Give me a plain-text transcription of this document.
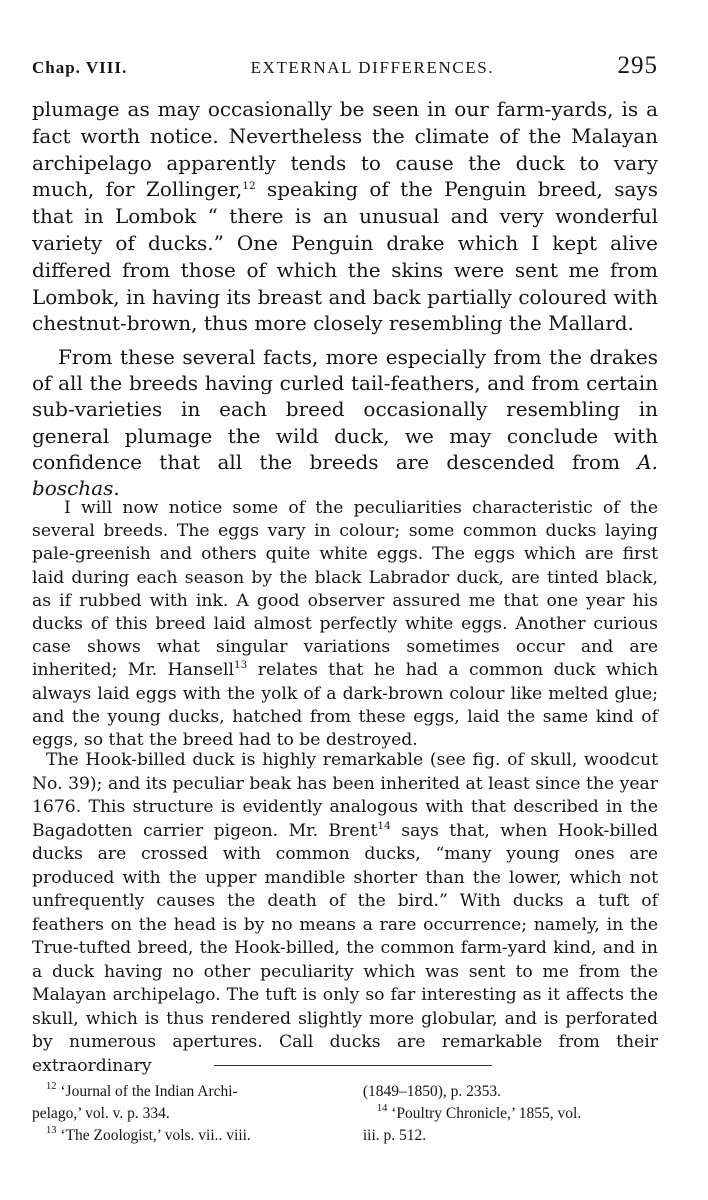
Chap. VIII.	EXTERNAL DIFFERENCES.	295

plumage as may occasionally be seen in our farm-yards, is a fact worth notice. Nevertheless the climate of the Malayan archipelago apparently tends to cause the duck to vary much, for Zollinger,$^{12}$ speaking of the Penguin breed, says that in Lombok “ there is an unusual and very wonderful variety of ducks.” One Penguin drake which I kept alive differed from those of which the skins were sent me from Lombok, in having its breast and back partially coloured with chestnut-brown, thus more closely resembling the Mallard.

From these several facts, more especially from the drakes of all the breeds having curled tail-feathers, and from certain sub-varieties in each breed occasionally resembling in general plumage the wild duck, we may conclude with confidence that all the breeds are descended from A. boschas.

I will now notice some of the peculiarities characteristic of the several breeds. The eggs vary in colour; some common ducks laying pale-greenish and others quite white eggs. The eggs which are first laid during each season by the black Labrador duck, are tinted black, as if rubbed with ink. A good observer assured me that one year his ducks of this breed laid almost perfectly white eggs. Another curious case shows what singular variations sometimes occur and are inherited; Mr. Hansell$^{13}$ relates that he had a common duck which always laid eggs with the yolk of a dark-brown colour like melted glue; and the young ducks, hatched from these eggs, laid the same kind of eggs, so that the breed had to be destroyed.

The Hook-billed duck is highly remarkable (see fig. of skull, woodcut No. 39); and its peculiar beak has been inherited at least since the year 1676. This structure is evidently analogous with that described in the Bagadotten carrier pigeon. Mr. Brent$^{14}$ says that, when Hook-billed ducks are crossed with common ducks, “many young ones are produced with the upper mandible shorter than the lower, which not unfrequently causes the death of the bird.” With ducks a tuft of feathers on the head is by no means a rare occurrence; namely, in the True-tufted breed, the Hook-billed, the common farm-yard kind, and in a duck having no other peculiarity which was sent to me from the Malayan archipelago. The tuft is only so far interesting as it affects the skull, which is thus rendered slightly more globular, and is perforated by numerous apertures. Call ducks are remarkable from their extraordinary

$^{12}$ ‘Journal of the Indian Archi-
pelago,’ vol. v. p. 334.
$^{13}$ ‘The Zoologist,’ vols. vii.. viii.
(1849–1850), p. 2353.
$^{14}$ ‘Poultry Chronicle,’ 1855, vol.
iii. p. 512.
